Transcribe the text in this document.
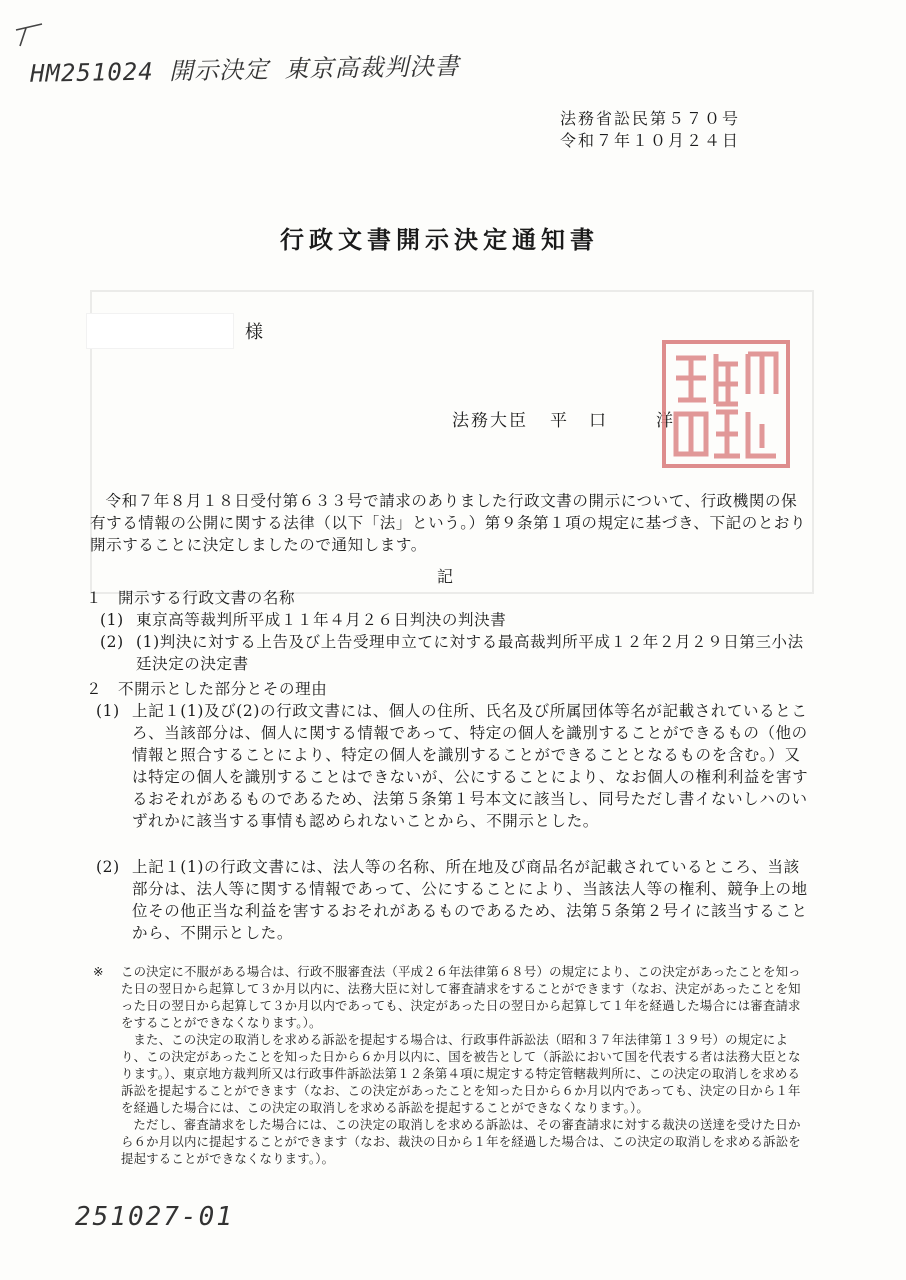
HM251024 開示決定 東京高裁判決書
法務省訟民第５７０号
令和７年１０月２４日
行政文書開示決定通知書
様
法務大臣 平口 洋

令和７年８月１８日受付第６３３号で請求のありました行政文書の開示について、行政機関の保有する情報の公開に関する法律（以下「法」という。）第９条第１項の規定に基づき、下記のとおり開示することに決定しましたので通知します。

記
１	開示する行政文書の名称
(1) 東京高等裁判所平成１１年４月２６日判決の判決書
(2) (1)判決に対する上告及び上告受理申立てに対する最高裁判所平成１２年２月２９日第三小法廷決定の決定書
２	不開示とした部分とその理由
(1) 上記１(1)及び(2)の行政文書には、個人の住所、氏名及び所属団体等名が記載されているところ、当該部分は、個人に関する情報であって、特定の個人を識別することができるもの（他の情報と照合することにより、特定の個人を識別することができることとなるものを含む。）又は特定の個人を識別することはできないが、公にすることにより、なお個人の権利利益を害するおそれがあるものであるため、法第５条第１号本文に該当し、同号ただし書イないしハのいずれかに該当する事情も認められないことから、不開示とした。
(2) 上記１(1)の行政文書には、法人等の名称、所在地及び商品名が記載されているところ、当該部分は、法人等に関する情報であって、公にすることにより、当該法人等の権利、競争上の地位その他正当な利益を害するおそれがあるものであるため、法第５条第２号イに該当することから、不開示とした。
※	この決定に不服がある場合は、行政不服審査法（平成２６年法律第６８号）の規定により、この決定があったことを知った日の翌日から起算して３か月以内に、法務大臣に対して審査請求をすることができます（なお、決定があったことを知った日の翌日から起算して３か月以内であっても、決定があった日の翌日から起算して１年を経過した場合には審査請求をすることができなくなります。）。

また、この決定の取消しを求める訴訟を提起する場合は、行政事件訴訟法（昭和３７年法律第１３９号）の規定により、この決定があったことを知った日から６か月以内に、国を被告として（訴訟において国を代表する者は法務大臣となります。）、東京地方裁判所又は行政事件訴訟法第１２条第４項に規定する特定管轄裁判所に、この決定の取消しを求める訴訟を提起することができます（なお、この決定があったことを知った日から６か月以内であっても、決定の日から１年を経過した場合には、この決定の取消しを求める訴訟を提起することができなくなります。）。

ただし、審査請求をした場合には、この決定の取消しを求める訴訟は、その審査請求に対する裁決の送達を受けた日から６か月以内に提起することができます（なお、裁決の日から１年を経過した場合は、この決定の取消しを求める訴訟を提起することができなくなります。）。

251027-01
